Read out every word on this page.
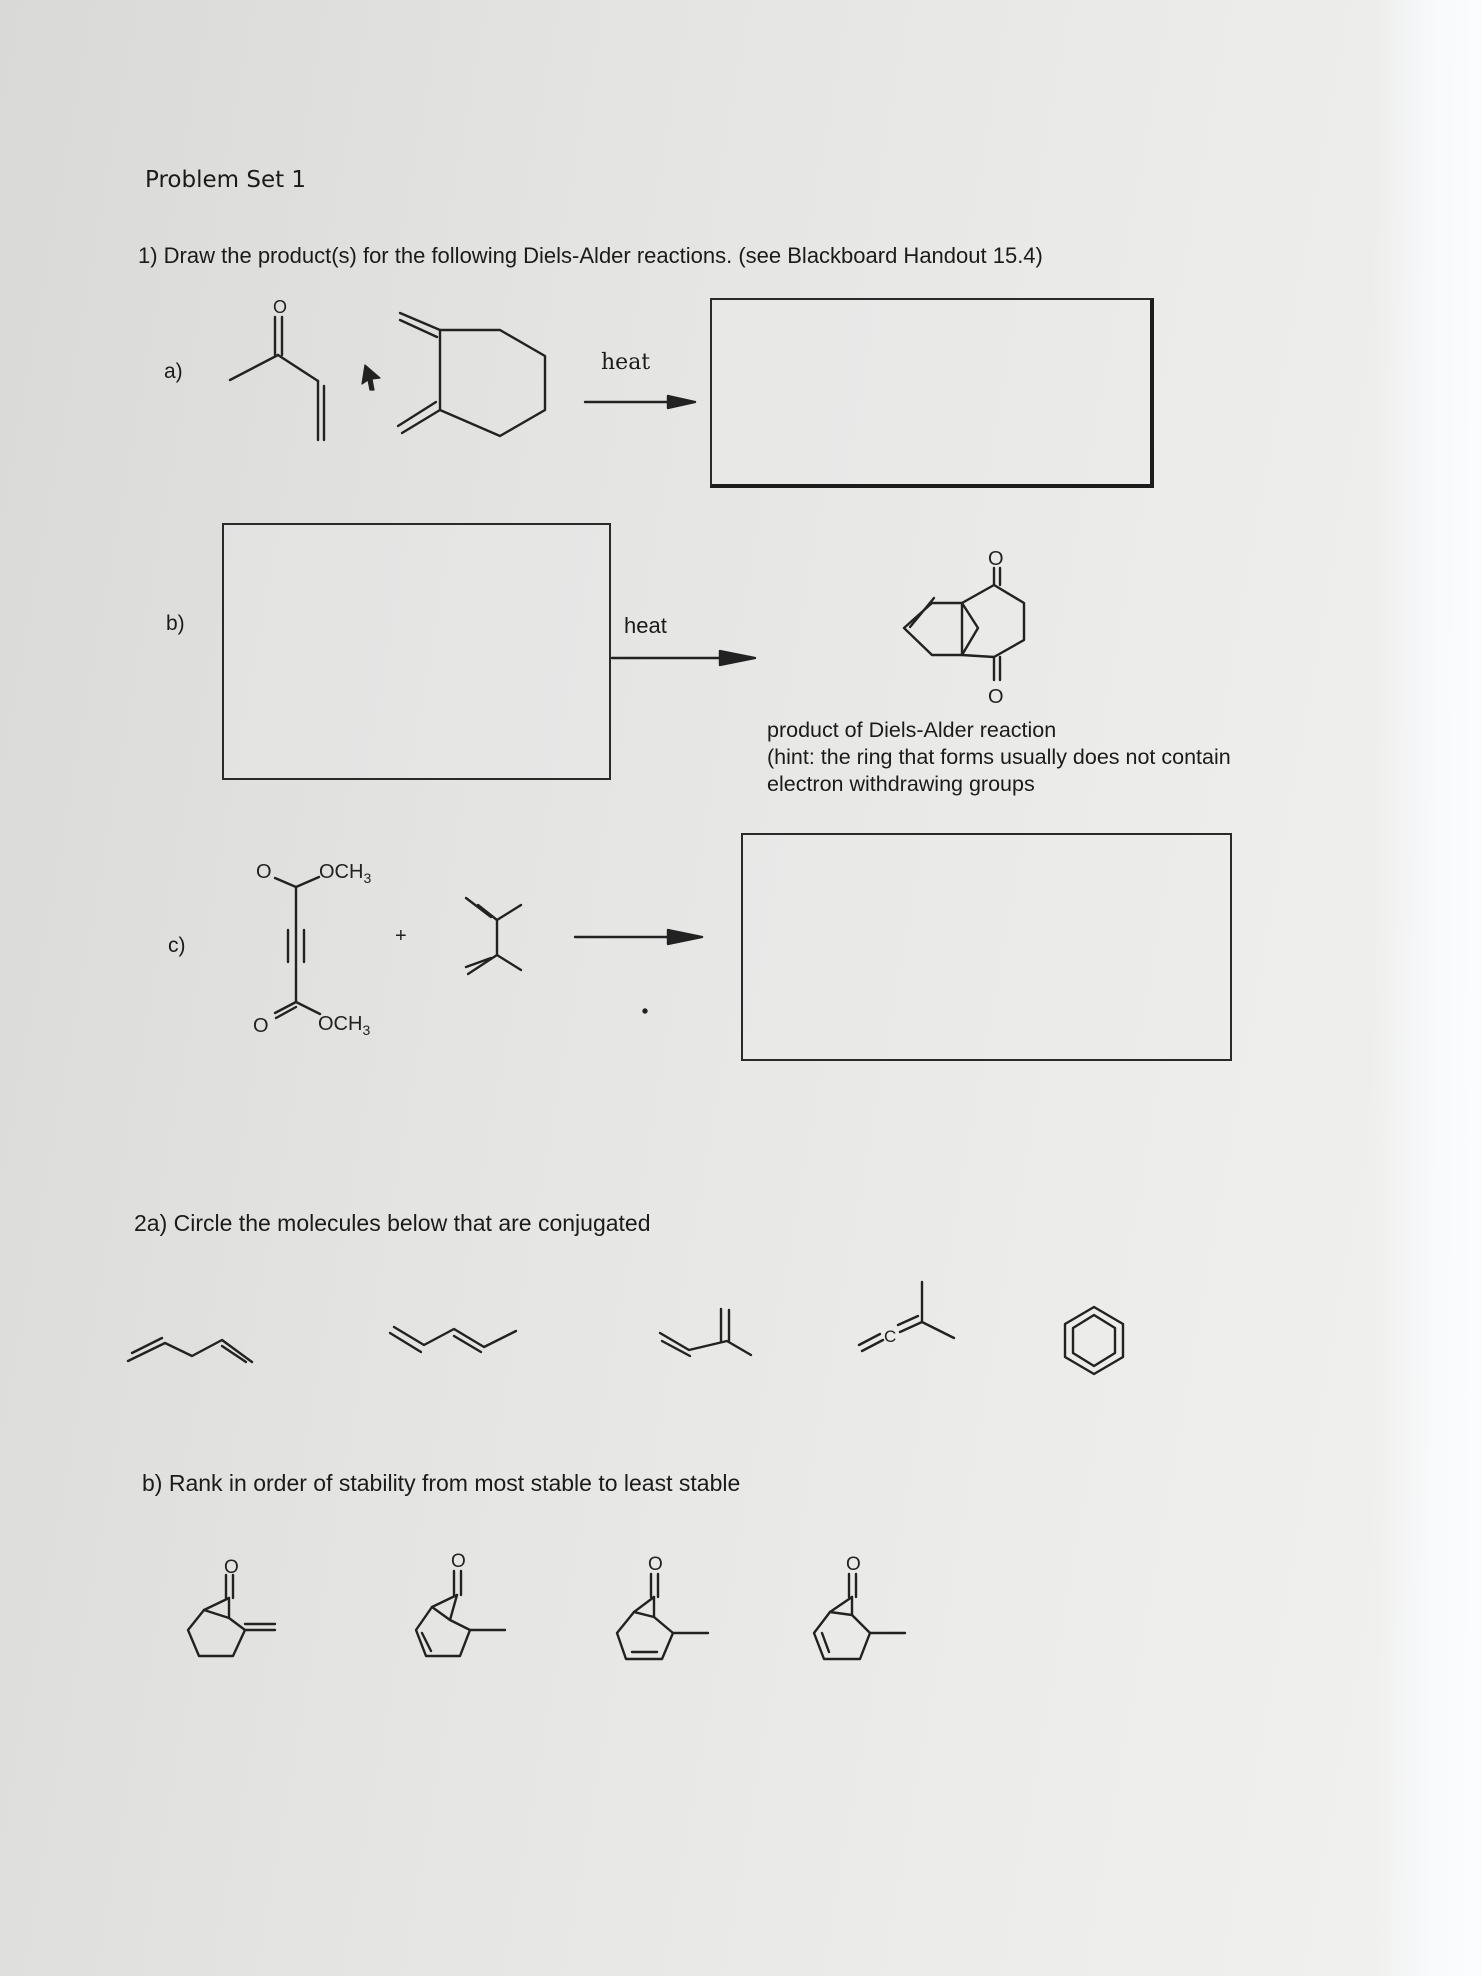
Problem Set 1
1) Draw the product(s) for the following Diels-Alder reactions. (see Blackboard Handout 15.4)
a)
b)
c)
heat
heat
product of Diels-Alder reaction
(hint: the ring that forms usually does not contain
electron withdrawing groups
2a) Circle the molecules below that are conjugated
b) Rank in order of stability from most stable to least stable
O
O
O
O $OCH_3$
O $OCH_3$
+
C
O	O	O	O
